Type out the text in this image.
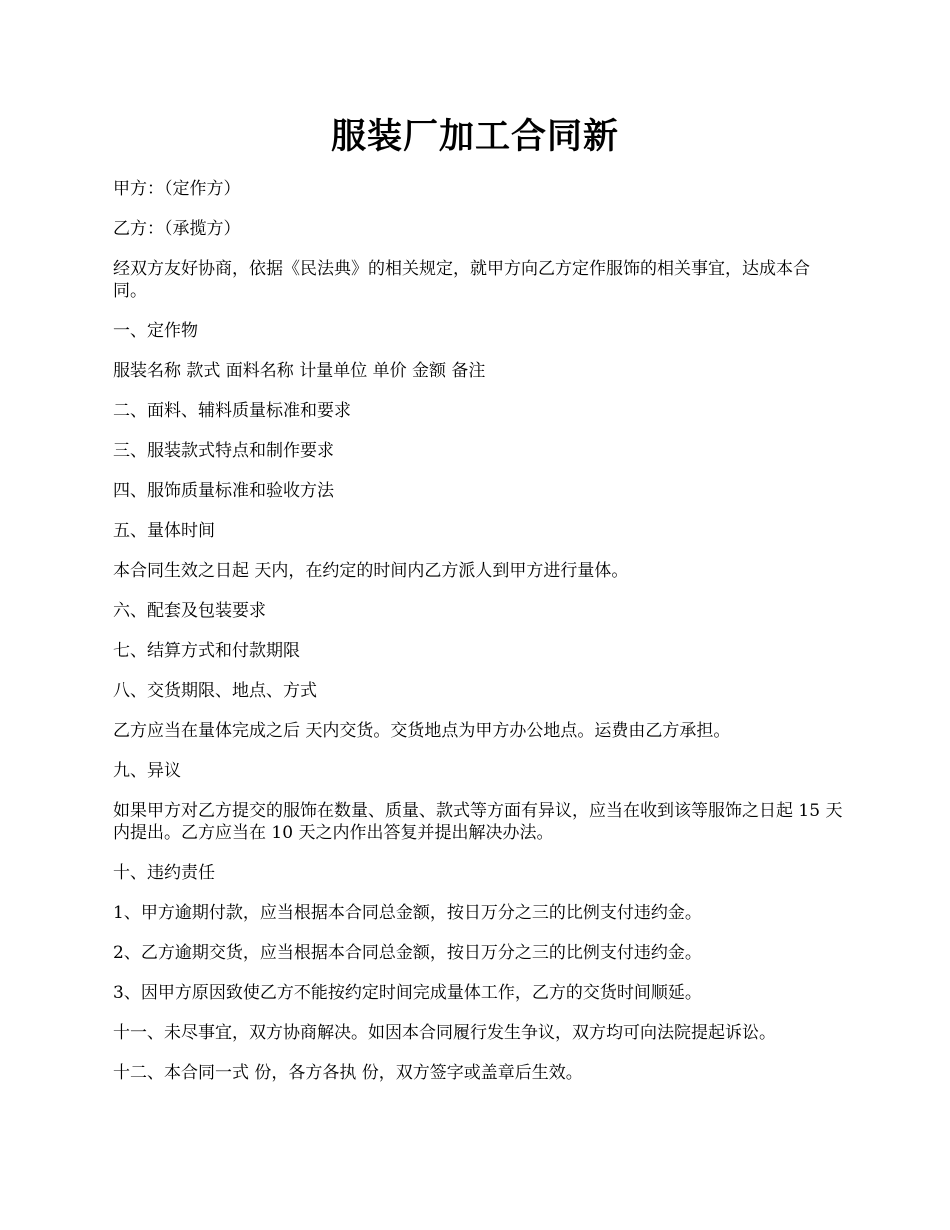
服装厂加工合同新

甲方：（定作方）

乙方：（承揽方）

经双方友好协商，依据《民法典》的相关规定，就甲方向乙方定作服饰的相关事宜，达成本合同。

一、定作物

服装名称 款式 面料名称 计量单位 单价 金额 备注

二、面料、辅料质量标准和要求

三、服装款式特点和制作要求

四、服饰质量标准和验收方法

五、量体时间

本合同生效之日起 天内，在约定的时间内乙方派人到甲方进行量体。

六、配套及包装要求

七、结算方式和付款期限

八、交货期限、地点、方式

乙方应当在量体完成之后 天内交货。交货地点为甲方办公地点。运费由乙方承担。

九、异议

如果甲方对乙方提交的服饰在数量、质量、款式等方面有异议，应当在收到该等服饰之日起 15 天内提出。乙方应当在 10 天之内作出答复并提出解决办法。

十、违约责任

1、甲方逾期付款，应当根据本合同总金额，按日万分之三的比例支付违约金。

2、乙方逾期交货，应当根据本合同总金额，按日万分之三的比例支付违约金。

3、因甲方原因致使乙方不能按约定时间完成量体工作，乙方的交货时间顺延。

十一、未尽事宜，双方协商解决。如因本合同履行发生争议，双方均可向法院提起诉讼。

十二、本合同一式 份，各方各执 份，双方签字或盖章后生效。
